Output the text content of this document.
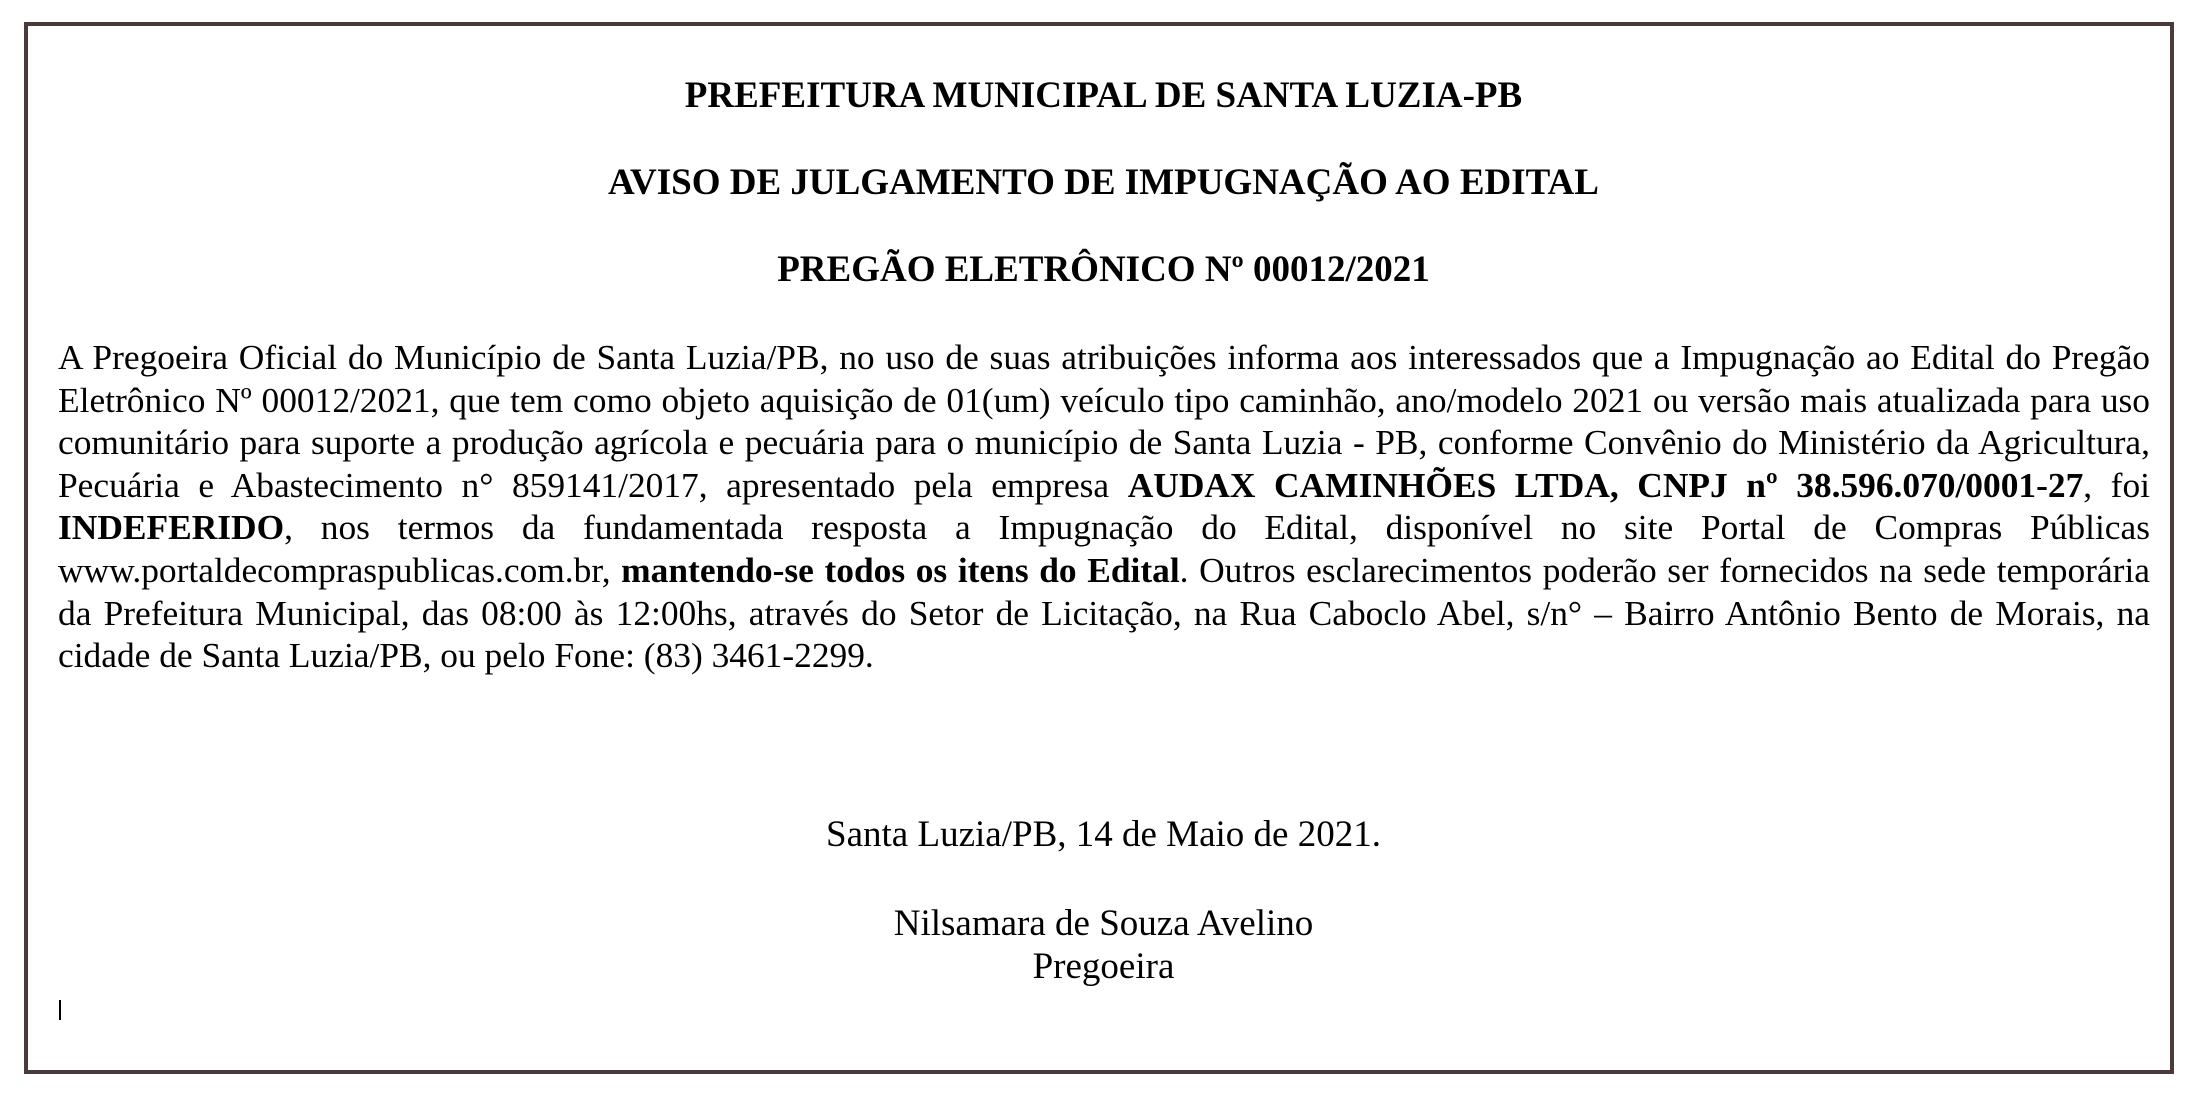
PREFEITURA MUNICIPAL DE SANTA LUZIA-PB
AVISO DE JULGAMENTO DE IMPUGNAÇÃO AO EDITAL
PREGÃO ELETRÔNICO Nº 00012/2021
A Pregoeira Oficial do Município de Santa Luzia/PB, no uso de suas atribuições informa aos interessados que a Impugnação ao Edital do Pregão Eletrônico Nº 00012/2021, que tem como objeto aquisição de 01(um) veículo tipo caminhão, ano/modelo 2021 ou versão mais atualizada para uso comunitário para suporte a produção agrícola e pecuária para o município de Santa Luzia - PB, conforme Convênio do Ministério da Agricultura, Pecuária e Abastecimento n° 859141/2017, apresentado pela empresa AUDAX CAMINHÕES LTDA, CNPJ nº 38.596.070/0001-27, foi INDEFERIDO, nos termos da fundamentada resposta a Impugnação do Edital, disponível no site Portal de Compras Públicas www.portaldecompraspublicas.com.br, mantendo-se todos os itens do Edital. Outros esclarecimentos poderão ser fornecidos na sede temporária da Prefeitura Municipal, das 08:00 às 12:00hs, através do Setor de Licitação, na Rua Caboclo Abel, s/n° – Bairro Antônio Bento de Morais, na cidade de Santa Luzia/PB, ou pelo Fone: (83) 3461-2299.
Santa Luzia/PB, 14 de Maio de 2021.
Nilsamara de Souza Avelino
Pregoeira
